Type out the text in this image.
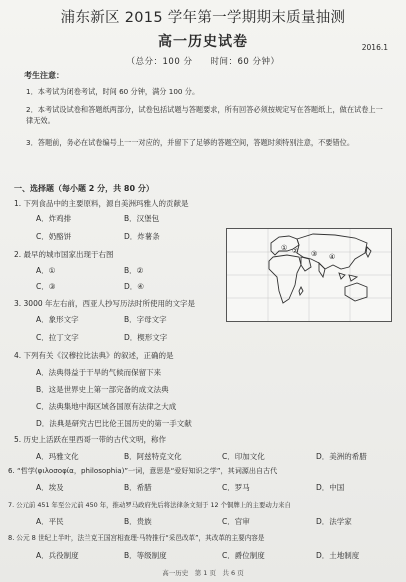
浦东新区 2015 学年第一学期期末质量抽测
高一历史试卷	2016.1
（总分：100 分　　时间：60 分钟）
考生注意：
1．本考试为闭卷考试，时间 60 分钟，满分 100 分。
2．本考试设试卷和答题纸两部分，试卷包括试题与答题要求，所有回答必须按规定写在答题纸上，做在试卷上一律无效。
3．答题前，务必在试卷编号上一一对应的，并留下了足够的答题空间，答题时须特别注意，不要错位。
一、选择题（每小题 2 分，共 80 分）
1. 下列食品中的主要原料，源自美洲玛雅人的贡献是
A．炸鸡排	B．汉堡包
C．奶酪饼	D．炸薯条
2. 最早的城市国家出现于右图
A．①	B．②
C．③	D．④
① ② ③ ④
3. 3000 年左右前，西亚人抄写历法时所使用的文字是
A．象形文字	B．字母文字
C．拉丁文字	D．楔形文字
4. 下列有关《汉穆拉比法典》的叙述，正确的是
A．法典得益于干旱的气候而保留下来
B．这是世界史上第一部完备的成文法典
C．法典集地中海区域各国原有法律之大成
D．法典是研究古巴比伦王国历史的第一手文献
5. 历史上活跃在里西哥一带的古代文明，称作
A．玛雅文化	B．阿兹特克文化	C．印加文化	D．美洲的希腊
6. “哲学(φιλοσοφία，philosophia)”一词，意思是“爱好知识之学”，其词源出自古代
A．埃及	B．希腊	C．罗马	D．中国
7. 公元前 451 年至公元前 450 年，推动罗马政府先后将法律条文刻于 12 个铜牌上的主要动力来自
A．平民	B．贵族	C．官审	D．法学家
8. 公元 8 世纪上半叶，法兰克王国宫相查理·马特推行“采邑改革”，其改革的主要内容是
A．兵役制度	B．等级制度	C．爵位制度	D．土地制度
高一历史　第 1 页　共 6 页
